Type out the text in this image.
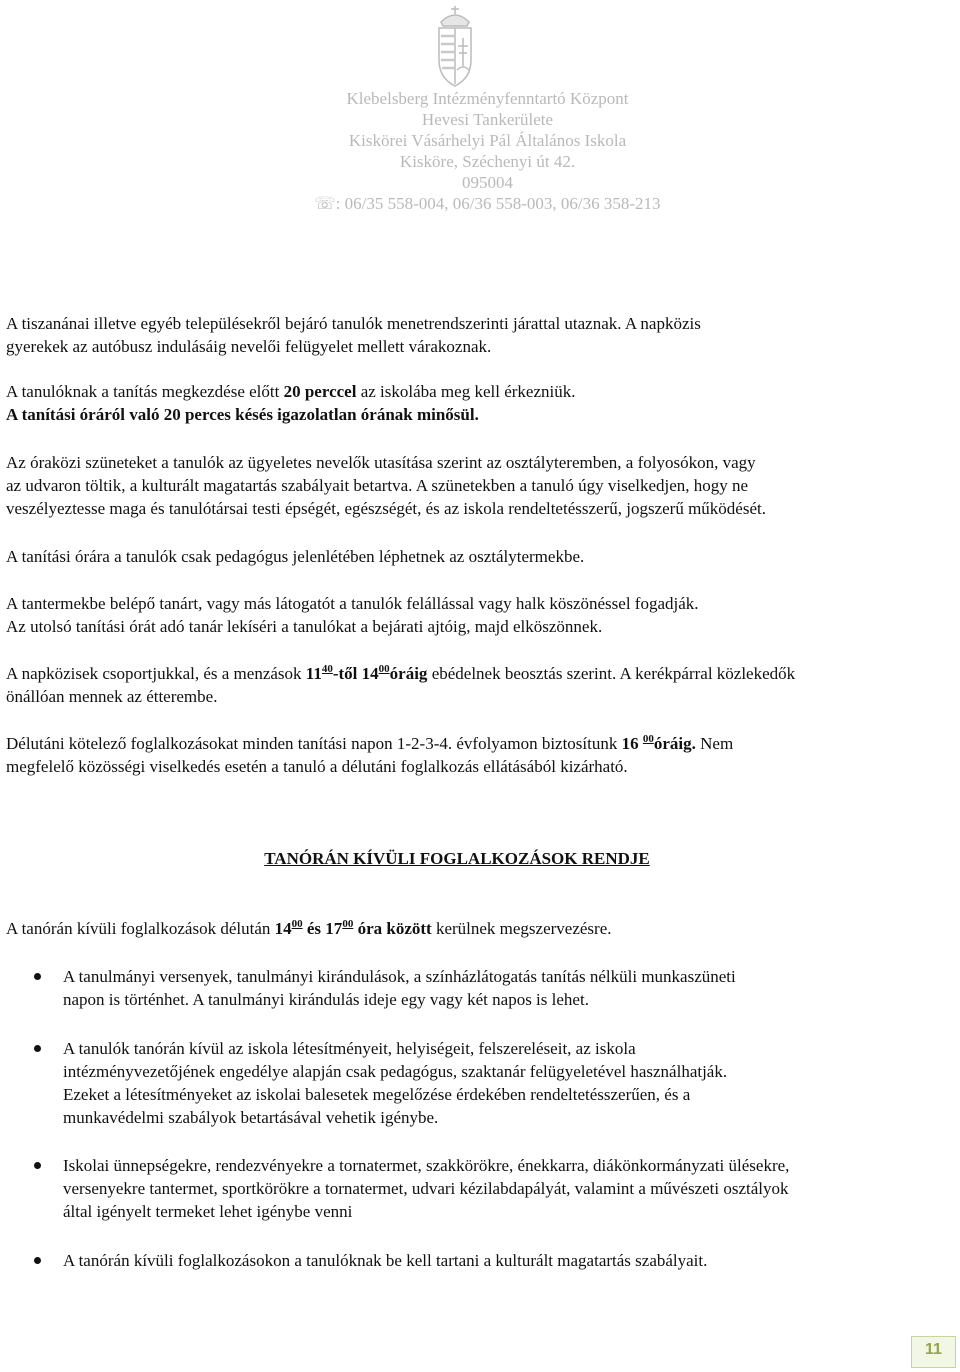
Klebelsberg Intézményfenntartó Központ
Hevesi Tankerülete
Kiskörei Vásárhelyi Pál Általános Iskola
Kisköre, Széchenyi út 42.
095004
☏: 06/35 558-004, 06/36 558-003, 06/36 358-213
A tiszanánai illetve egyéb településekről bejáró tanulók menetrendszerinti járattal utaznak. A napközis
gyerekek az autóbusz indulásáig nevelői felügyelet mellett várakoznak.
A tanulóknak a tanítás megkezdése előtt 20 perccel az iskolába meg kell érkezniük.
A tanítási óráról való 20 perces késés igazolatlan órának minősül.
Az óraközi szüneteket a tanulók az ügyeletes nevelők utasítása szerint az osztályteremben, a folyosókon, vagy
az udvaron töltik, a kulturált magatartás szabályait betartva. A szünetekben a tanuló úgy viselkedjen, hogy ne
veszélyeztesse maga és tanulótársai testi épségét, egészségét, és az iskola rendeltetésszerű, jogszerű működését.
A tanítási órára a tanulók csak pedagógus jelenlétében léphetnek az osztálytermekbe.
A tantermekbe belépő tanárt, vagy más látogatót a tanulók felállással vagy halk köszönéssel fogadják.
Az utolsó tanítási órát adó tanár lekíséri a tanulókat a bejárati ajtóig, majd elköszönnek.
A napközisek csoportjukkal, és a menzások $11^{40}$-től $14^{00}óráig$ ebédelnek beosztás szerint. A kerékpárral közlekedők
önállóan mennek az étterembe.
Délutáni kötelező foglalkozásokat minden tanítási napon 1-2-3-4. évfolyamon biztosítunk 16 $^{00}$óráig. Nem
megfelelő közösségi viselkedés esetén a tanuló a délutáni foglalkozás ellátásából kizárható.
TANÓRÁN KÍVÜLI FOGLALKOZÁSOK RENDJE
A tanórán kívüli foglalkozások délután $14^{00}$ és $17^{00}$ óra között kerülnek megszervezésre.
A tanulmányi versenyek, tanulmányi kirándulások, a színházlátogatás tanítás nélküli munkaszüneti
napon is történhet. A tanulmányi kirándulás ideje egy vagy két napos is lehet.
A tanulók tanórán kívül az iskola létesítményeit, helyiségeit, felszereléseit, az iskola
intézményvezetőjének engedélye alapján csak pedagógus, szaktanár felügyeletével használhatják.
Ezeket a létesítményeket az iskolai balesetek megelőzése érdekében rendeltetésszerűen, és a
munkavédelmi szabályok betartásával vehetik igénybe.
Iskolai ünnepségekre, rendezvényekre a tornatermet, szakkörökre, énekkarra, diákönkormányzati ülésekre,
versenyekre tantermet, sportkörökre a tornatermet, udvari kézilabdapályát, valamint a művészeti osztályok
által igényelt termeket lehet igénybe venni
A tanórán kívüli foglalkozásokon a tanulóknak be kell tartani a kulturált magatartás szabályait.
11
